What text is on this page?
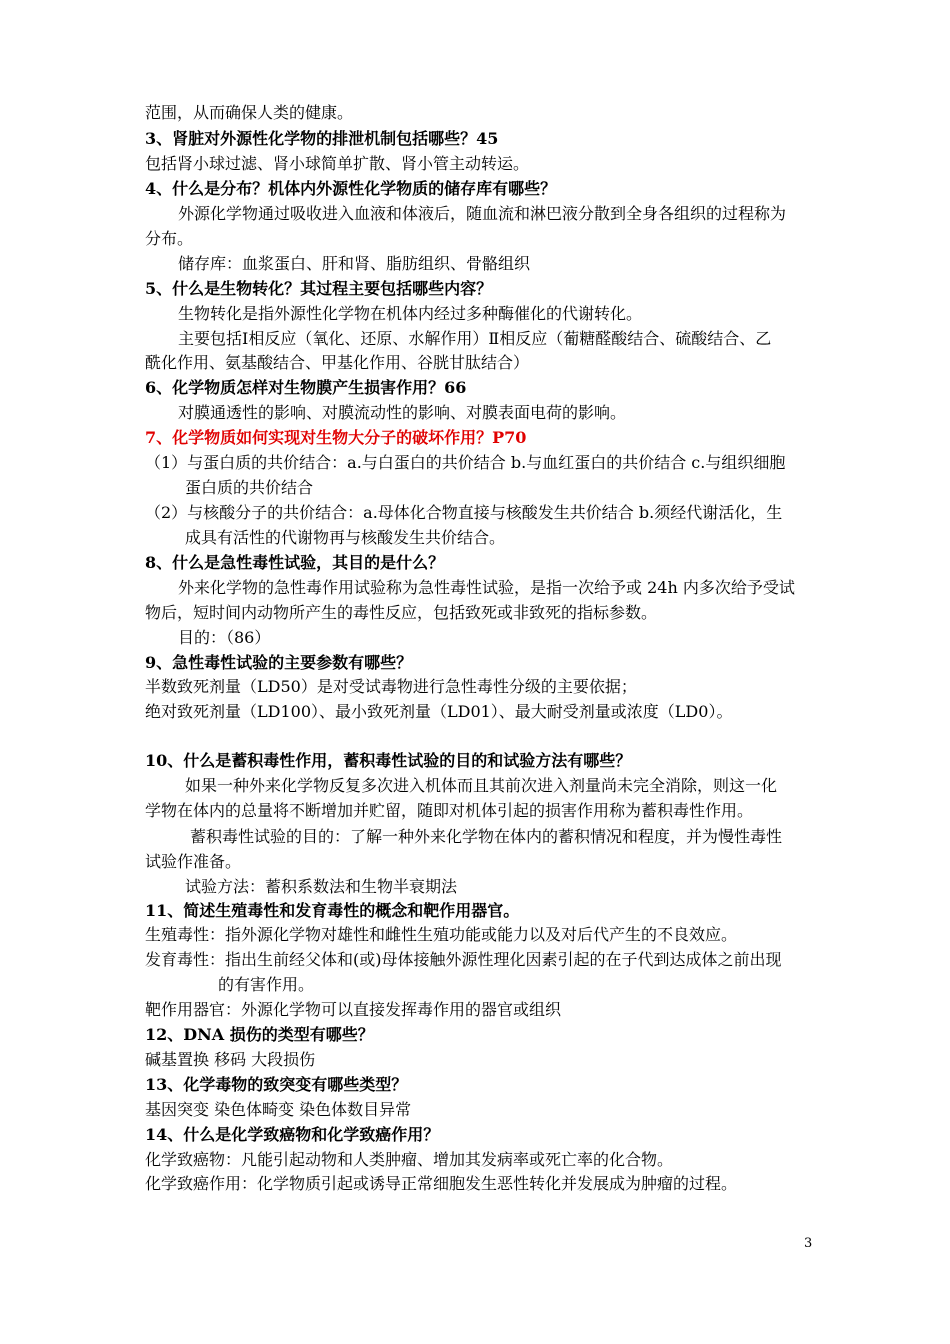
范围，从而确保人类的健康。
3、肾脏对外源性化学物的排泄机制包括哪些？45
包括肾小球过滤、肾小球简单扩散、肾小管主动转运。
4、什么是分布？机体内外源性化学物质的储存库有哪些？
外源化学物通过吸收进入血液和体液后，随血流和淋巴液分散到全身各组织的过程称为
分布。
储存库：血浆蛋白、肝和肾、脂肪组织、骨骼组织
5、什么是生物转化？其过程主要包括哪些内容？
生物转化是指外源性化学物在机体内经过多种酶催化的代谢转化。
主要包括Ⅰ相反应（氧化、还原、水解作用）Ⅱ相反应（葡糖醛酸结合、硫酸结合、乙
酰化作用、氨基酸结合、甲基化作用、谷胱甘肽结合）
6、化学物质怎样对生物膜产生损害作用？66
对膜通透性的影响、对膜流动性的影响、对膜表面电荷的影响。
7、化学物质如何实现对生物大分子的破坏作用？P70
（1）与蛋白质的共价结合：a.与白蛋白的共价结合 b.与血红蛋白的共价结合 c.与组织细胞
蛋白质的共价结合
（2）与核酸分子的共价结合：a.母体化合物直接与核酸发生共价结合 b.须经代谢活化，生
成具有活性的代谢物再与核酸发生共价结合。
8、什么是急性毒性试验，其目的是什么？
外来化学物的急性毒作用试验称为急性毒性试验，是指一次给予或 24h 内多次给予受试
物后，短时间内动物所产生的毒性反应，包括致死或非致死的指标参数。
目的：（86）
9、急性毒性试验的主要参数有哪些？
半数致死剂量（LD50）是对受试毒物进行急性毒性分级的主要依据；
绝对致死剂量（LD100）、最小致死剂量（LD01）、最大耐受剂量或浓度（LD0）。
10、什么是蓄积毒性作用，蓄积毒性试验的目的和试验方法有哪些？
如果一种外来化学物反复多次进入机体而且其前次进入剂量尚未完全消除，则这一化
学物在体内的总量将不断增加并贮留，随即对机体引起的损害作用称为蓄积毒性作用。
蓄积毒性试验的目的：了解一种外来化学物在体内的蓄积情况和程度，并为慢性毒性
试验作准备。
试验方法：蓄积系数法和生物半衰期法
11、简述生殖毒性和发育毒性的概念和靶作用器官。
生殖毒性：指外源化学物对雄性和雌性生殖功能或能力以及对后代产生的不良效应。
发育毒性：指出生前经父体和(或)母体接触外源性理化因素引起的在子代到达成体之前出现
的有害作用。
靶作用器官：外源化学物可以直接发挥毒作用的器官或组织
12、DNA 损伤的类型有哪些？
碱基置换 移码 大段损伤
13、化学毒物的致突变有哪些类型？
基因突变 染色体畸变 染色体数目异常
14、什么是化学致癌物和化学致癌作用？
化学致癌物：凡能引起动物和人类肿瘤、增加其发病率或死亡率的化合物。
化学致癌作用：化学物质引起或诱导正常细胞发生恶性转化并发展成为肿瘤的过程。
3
